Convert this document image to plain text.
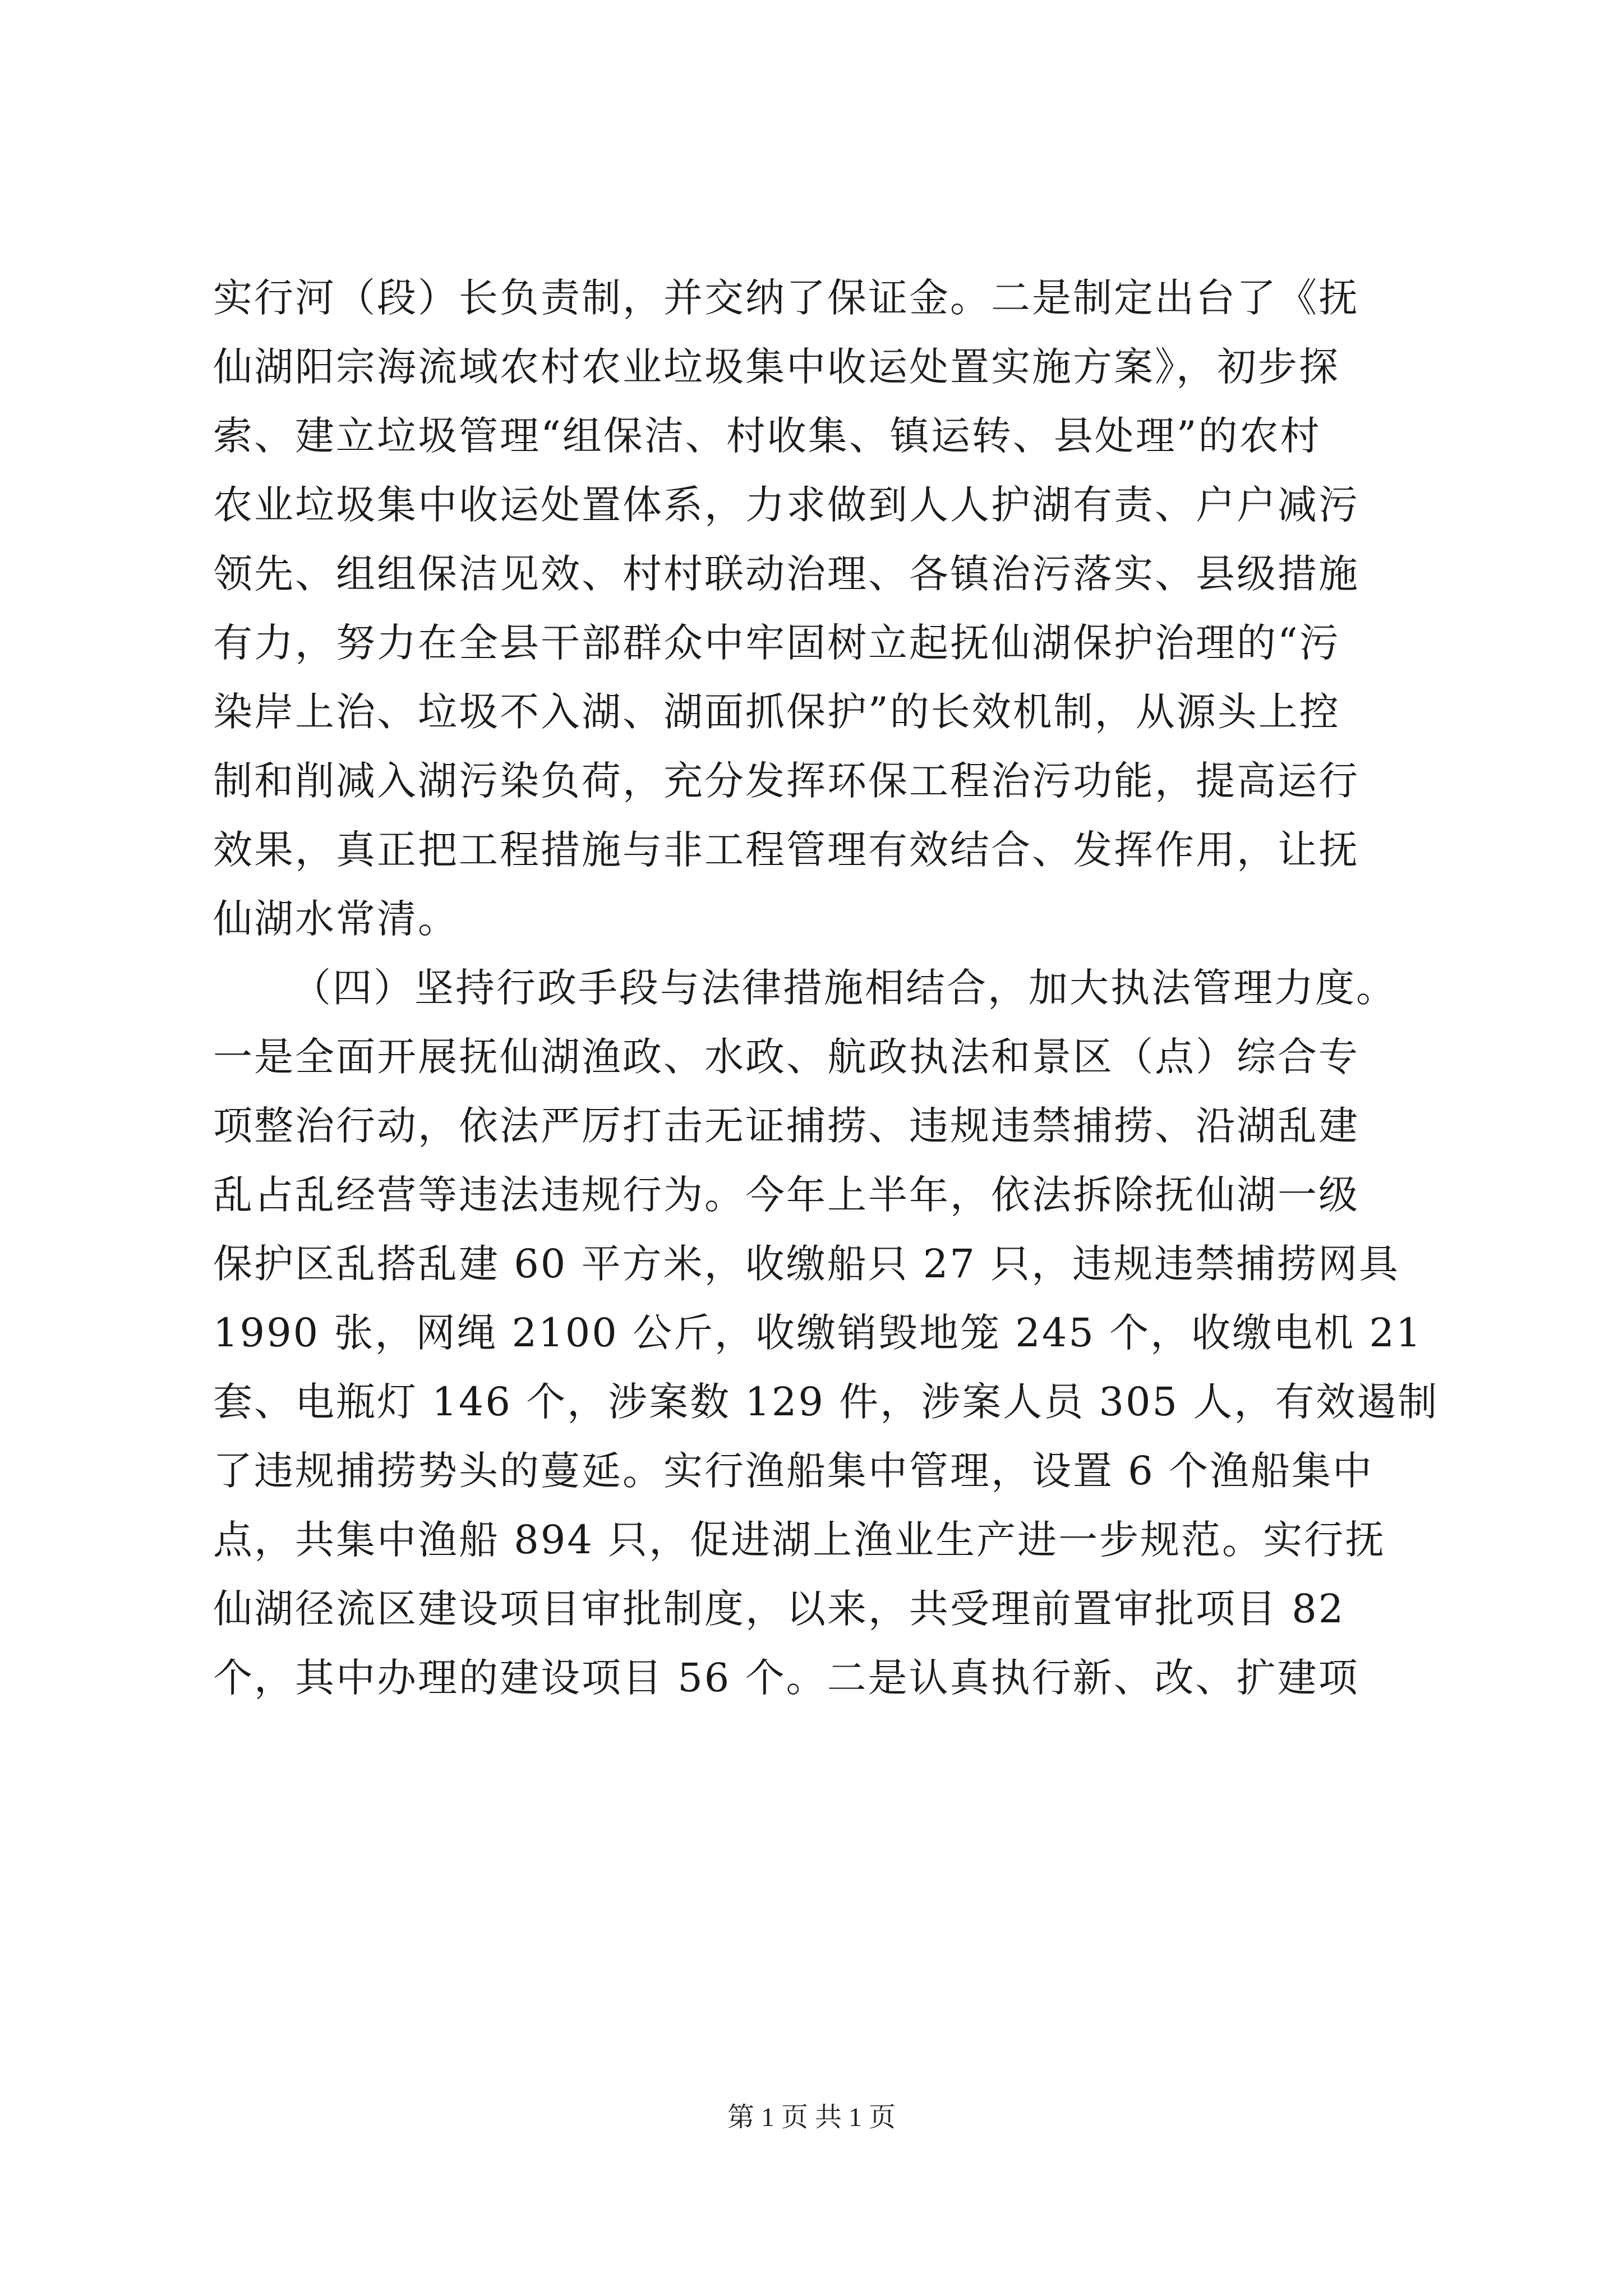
实行河（段）长负责制，并交纳了保证金。二是制定出台了《抚
仙湖阳宗海流域农村农业垃圾集中收运处置实施方案》，初步探
索、建立垃圾管理“组保洁、村收集、镇运转、县处理”的农村
农业垃圾集中收运处置体系，力求做到人人护湖有责、户户减污
领先、组组保洁见效、村村联动治理、各镇治污落实、县级措施
有力，努力在全县干部群众中牢固树立起抚仙湖保护治理的“污
染岸上治、垃圾不入湖、湖面抓保护”的长效机制，从源头上控
制和削减入湖污染负荷，充分发挥环保工程治污功能，提高运行
效果，真正把工程措施与非工程管理有效结合、发挥作用，让抚
仙湖水常清。
（四）坚持行政手段与法律措施相结合，加大执法管理力度。
一是全面开展抚仙湖渔政、水政、航政执法和景区（点）综合专
项整治行动，依法严厉打击无证捕捞、违规违禁捕捞、沿湖乱建
乱占乱经营等违法违规行为。今年上半年，依法拆除抚仙湖一级
保护区乱搭乱建 60 平方米，收缴船只 27 只，违规违禁捕捞网具
1990 张，网绳 2100 公斤，收缴销毁地笼 245 个，收缴电机 21
套、电瓶灯 146 个，涉案数 129 件，涉案人员 305 人，有效遏制
了违规捕捞势头的蔓延。实行渔船集中管理，设置 6 个渔船集中
点，共集中渔船 894 只，促进湖上渔业生产进一步规范。实行抚
仙湖径流区建设项目审批制度，以来，共受理前置审批项目 82
个，其中办理的建设项目 56 个。二是认真执行新、改、扩建项
第 1 页 共 1 页
